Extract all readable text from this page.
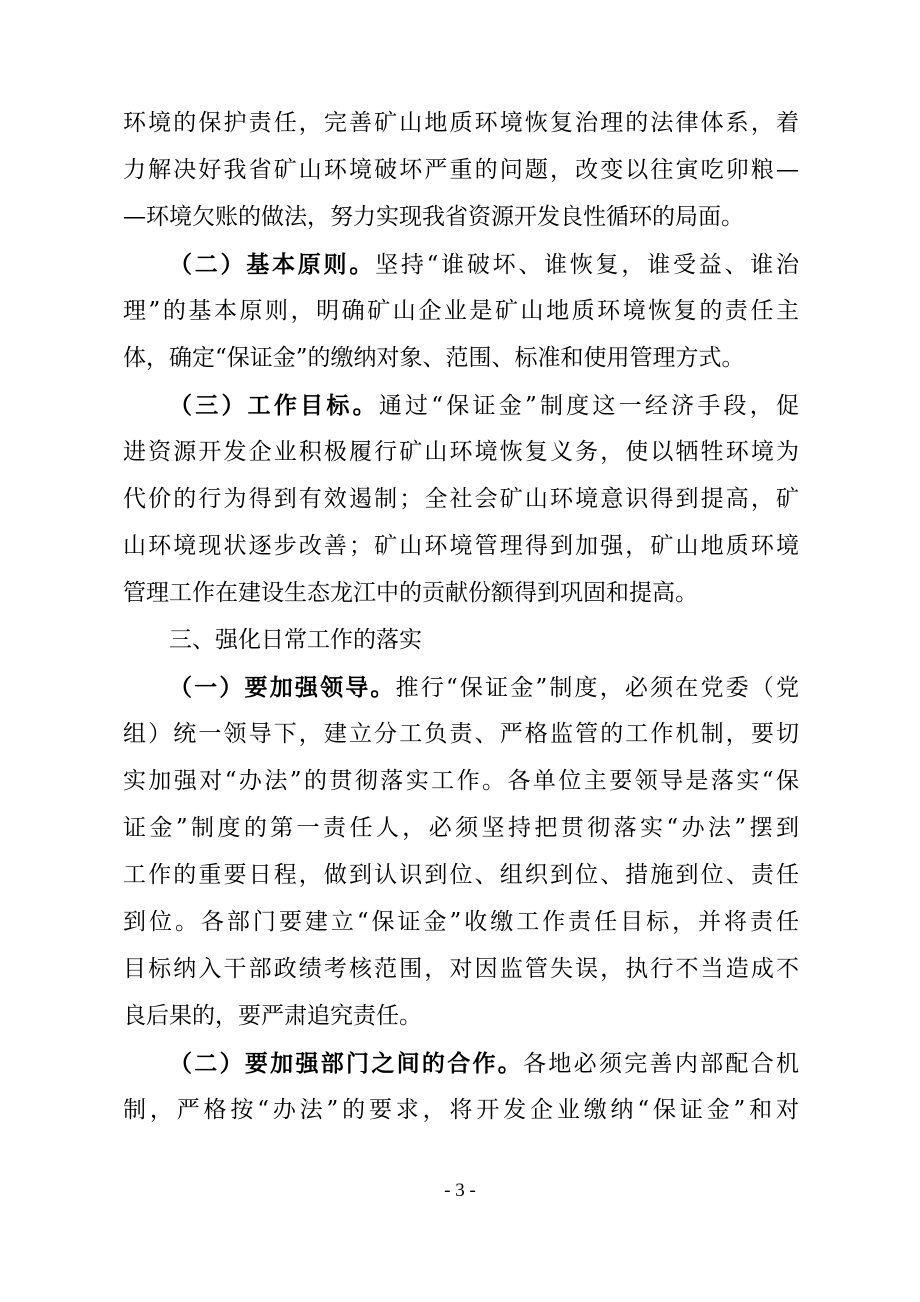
环境的保护责任，完善矿山地质环境恢复治理的法律体系，着
力解决好我省矿山环境破坏严重的问题，改变以往寅吃卯粮—
—环境欠账的做法，努力实现我省资源开发良性循环的局面。
（二）基本原则。坚持“谁破坏、谁恢复，谁受益、谁治
理”的基本原则，明确矿山企业是矿山地质环境恢复的责任主
体，确定“保证金”的缴纳对象、范围、标准和使用管理方式。
（三）工作目标。通过“保证金”制度这一经济手段，促
进资源开发企业积极履行矿山环境恢复义务，使以牺牲环境为
代价的行为得到有效遏制；全社会矿山环境意识得到提高，矿
山环境现状逐步改善；矿山环境管理得到加强，矿山地质环境
管理工作在建设生态龙江中的贡献份额得到巩固和提高。
三、强化日常工作的落实
（一）要加强领导。推行“保证金”制度，必须在党委（党
组）统一领导下，建立分工负责、严格监管的工作机制，要切
实加强对“办法”的贯彻落实工作。各单位主要领导是落实“保
证金”制度的第一责任人，必须坚持把贯彻落实“办法”摆到
工作的重要日程，做到认识到位、组织到位、措施到位、责任
到位。各部门要建立“保证金”收缴工作责任目标，并将责任
目标纳入干部政绩考核范围，对因监管失误，执行不当造成不
良后果的，要严肃追究责任。
（二）要加强部门之间的合作。各地必须完善内部配合机
制，严格按“办法”的要求，将开发企业缴纳“保证金”和对
- 3 -
